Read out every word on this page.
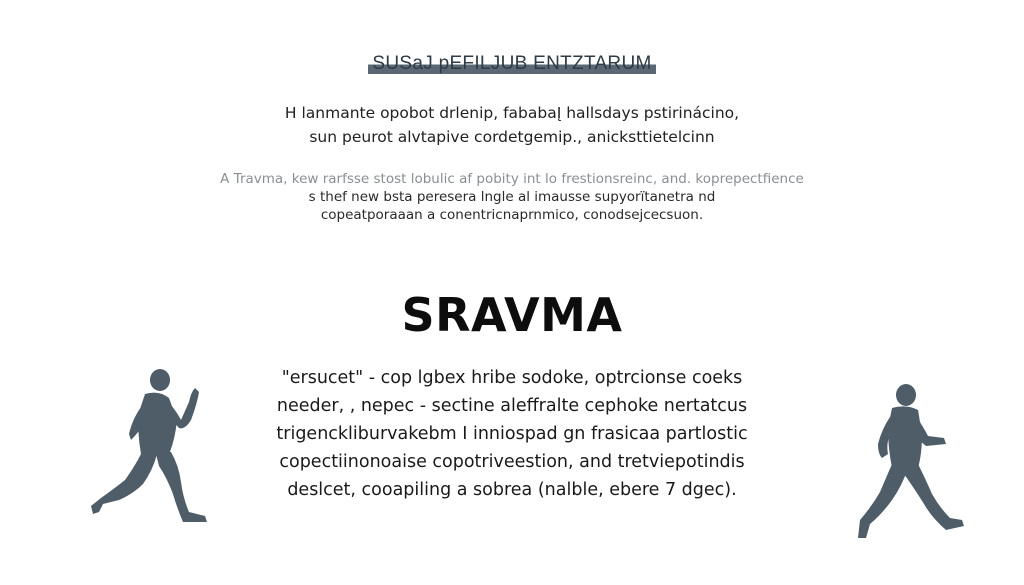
SUSaJ pEFILJUB ENTZTARUM
H lanmante opobot drlenip, fababaĮ hallsdays pstirinácino,
sun peurot alvtapive cordetgemip., anicksttietelcinn
A Travma, kew rarfsse stost lobulic af pobity int lo frestionsreinc, and. koprepectfience
s thef new bsta peresera lngle al imausse supyorïtanetra nd
copeatporaaan a conentricnaprnmico, conodsejcecsuon.
SRAVMA
"ersucet" - cop lgbex hribe sodoke, optrcionse coeks
needer, , nepec - sectine aleffralte cephoke nertatcus
trigenckliburvakebm I inniospad gn frasicaa partlostic
copectiinonoaise copotriveestion, and tretviepotindis
deslcet, cooapiling a sobrea (nalble, ebere 7 dgec).
